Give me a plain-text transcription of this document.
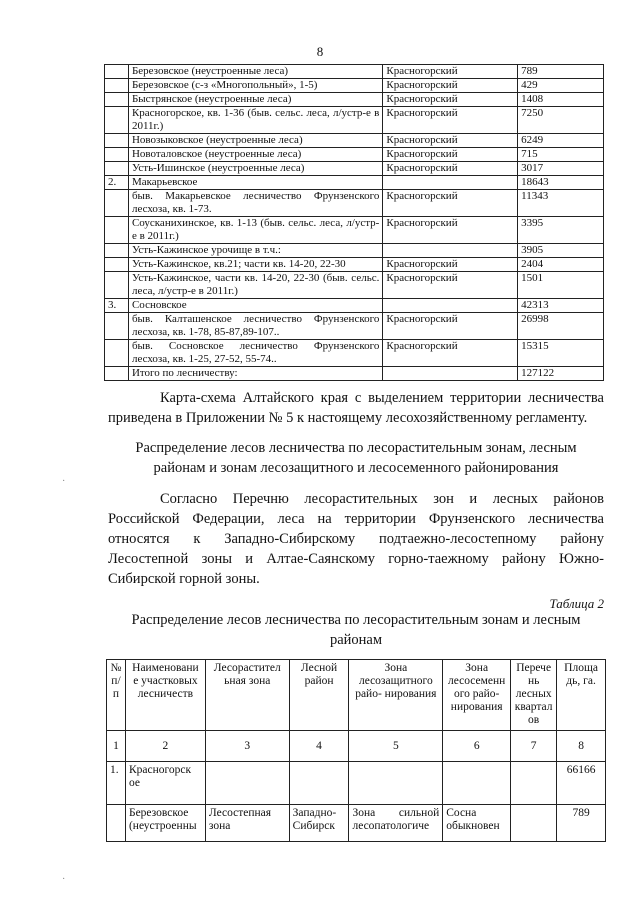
8
	Березовское (неустроенные леса)	Красногорский	789
	Березовское (с-з «Многопольный», 1-5)	Красногорский	429
	Быстрянское (неустроенные леса)	Красногорский	1408
	Красногорское, кв. 1-36 (быв. сельс. леса, л/устр-е в 2011г.)	Красногорский	7250
	Новозыковское (неустроенные леса)	Красногорский	6249
	Новоталовское (неустроенные леса)	Красногорский	715
	Усть-Ишинское (неустроенные леса)	Красногорский	3017
2.	Макарьевское		18643
	быв. Макарьевское лесничество Фрунзенского лесхоза, кв. 1-73.	Красногорский	11343
	Соусканихинское, кв. 1-13 (быв. сельс. леса, л/устр-е в 2011г.)	Красногорский	3395
	Усть-Кажинское урочище в т.ч.:		3905
	Усть-Кажинское, кв.21; части кв. 14-20, 22-30	Красногорский	2404
	Усть-Кажинское, части кв. 14-20, 22-30 (быв. сельс. леса, л/устр-е в 2011г.)	Красногорский	1501
3.	Сосновское		42313
	быв. Калташенское лесничество Фрунзенского лесхоза, кв. 1-78, 85-87,89-107..	Красногорский	26998
	быв. Сосновское лесничество Фрунзенского лесхоза, кв. 1-25, 27-52, 55-74..	Красногорский	15315
	Итого по лесничеству:		127122

Карта-схема Алтайского края с выделением территории лесничества приведена в Приложении № 5 к настоящему лесохозяйственному регламенту.

Распределение лесов лесничества по лесорастительным зонам, лесным районам и зонам лесозащитного и лесосеменного районирования

Согласно Перечню лесорастительных зон и лесных районов Российской Федерации, леса на территории Фрунзенского лесничества относятся к Западно-Сибирскому подтаежно-лесостепному району Лесостепной зоны и Алтае-Саянскому горно-таежному району Южно-Сибирской горной зоны.

Таблица 2

Распределение лесов лесничества по лесорастительным зонам и лесным районам

№ п/п	Наименовани е участковых лесничеств	Лесорастител ьная зона	Лесной район	Зона лесозащитного райо- нирования	Зона лесосеменн ого райо- нирования	Перече нь лесных квартал ов	Площа дь, га.
1	2	3	4	5	6	7	8
1.	Красногорск ое						66166
	Березовское (неустроенны	Лесостепная зона	Западно- Сибирск	Зона сильной лесопатологиче	Сосна обыкновен		789
·
·
